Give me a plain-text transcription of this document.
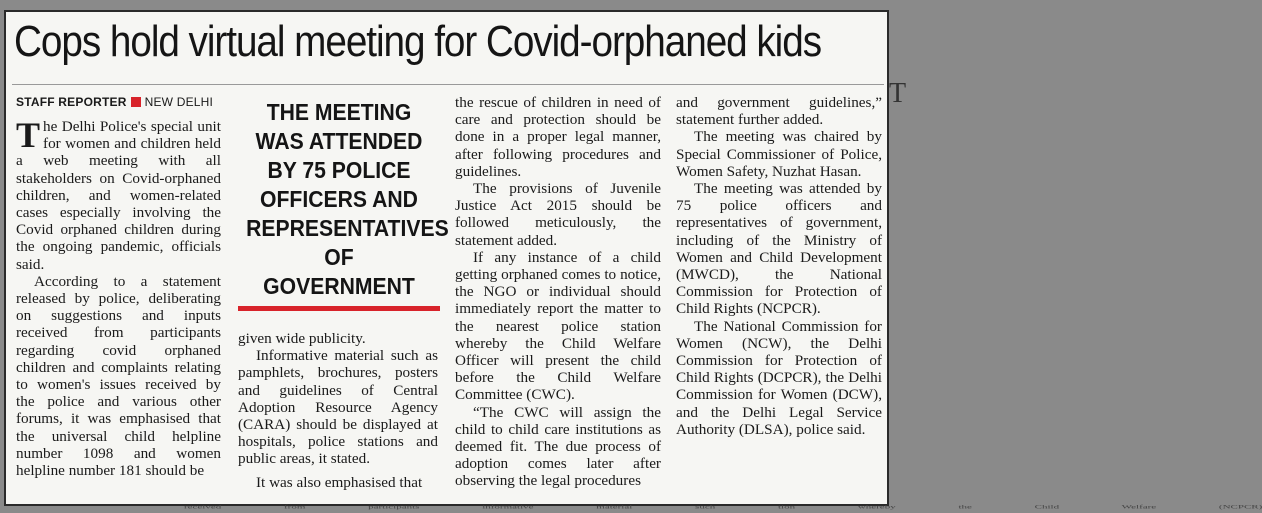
Cops hold virtual meeting for Covid-orphaned kids
STAFF REPORTER NEW DELHI

The Delhi Police's special unit for women and children held a web meeting with all stakeholders on Covid-orphaned children, and women-related cases especially involving the Covid orphaned children during the ongoing pandemic, officials said.

According to a statement released by police, deliberating on suggestions and inputs received from participants regarding covid orphaned children and complaints relating to women's issues received by the police and various other forums, it was emphasised that the universal child helpline number 1098 and women helpline number 181 should be

THE MEETING WAS ATTENDED BY 75 POLICE OFFICERS AND REPRESENTATIVES OF GOVERNMENT

given wide publicity.

Informative material such as pamphlets, brochures, posters and guidelines of Central Adoption Resource Agency (CARA) should be displayed at hospitals, police stations and public areas, it stated.

It was also emphasised that

the rescue of children in need of care and protection should be done in a proper legal manner, after following procedures and guidelines.

The provisions of Juvenile Justice Act 2015 should be followed meticulously, the statement added.

If any instance of a child getting orphaned comes to notice, the NGO or individual should immediately report the matter to the nearest police station whereby the Child Welfare Officer will present the child before the Child Welfare Committee (CWC).

“The CWC will assign the child to child care institutions as deemed fit. The due process of adoption comes later after observing the legal procedures

and government guidelines,” statement further added.

The meeting was chaired by Special Commissioner of Police, Women Safety, Nuzhat Hasan.

The meeting was attended by 75 police officers and representatives of government, including of the Ministry of Women and Child Development (MWCD), the National Commission for Protection of Child Rights (NCPCR).

The National Commission for Women (NCW), the Delhi Commission for Protection of Child Rights (DCPCR), the Delhi Commission for Women (DCW), and the Delhi Legal Service Authority (DLSA), police said.

received from participants informative material such tion whereby the Child Welfare (NCPCR)
T
